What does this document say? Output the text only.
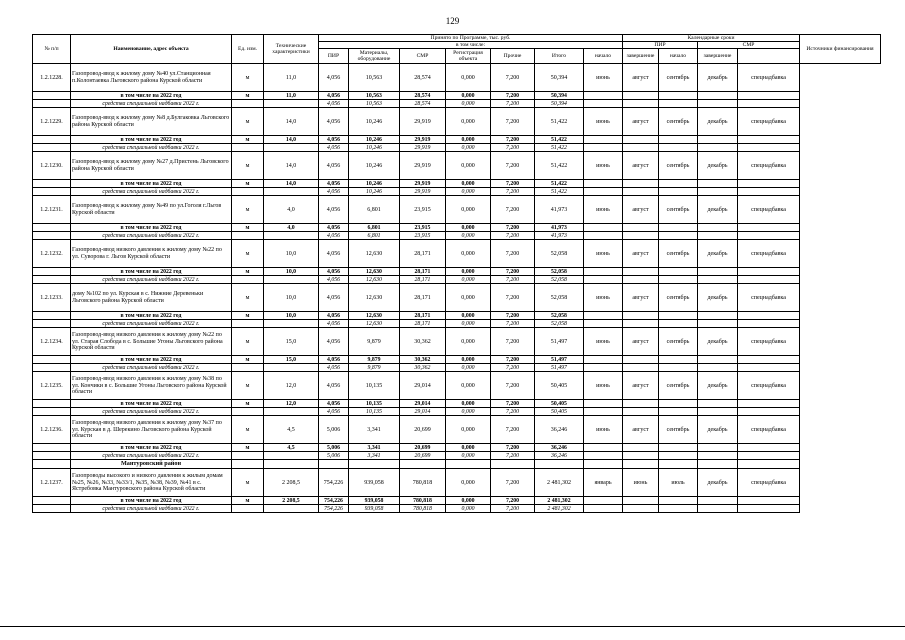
129
№ п/п	Наименование, адрес объекта	Ед. изм.	Технические характеристики	Принято по Программе, тыс. руб.							Календарные сроки				Источники финансирования
				в том числе:							ПИР		СМР		
				ПИР	Материалы, оборудование	СМР	Регистрация объекта	Прочие	Итого	начало	завершение	начало	завершение		
1.2.1228.	Газопровод-ввод к жилому дому №40 ул.Станционная п.Колонтаевка Льговского района Курской области	м	11,0	4,056	10,563	28,574	0,000	7,200	50,394	июнь	август	сентябрь	декабрь	спецнадбавка	
	в том числе на 2022 год	м	11,0	4,056	10,563	28,574	0,000	7,200	50,394						
	средства специальной надбавки 2022 г.			4,056	10,563	28,574	0,000	7,200	50,394						
1.2.1229.	Газопровод-ввод к жилому дому №8 д.Булгаковка Льговского района Курской области	м	14,0	4,056	10,246	29,919	0,000	7,200	51,422	июнь	август	сентябрь	декабрь	спецнадбавка	
	в том числе на 2022 год	м	14,0	4,056	10,246	29,919	0,000	7,200	51,422						
	средства специальной надбавки 2022 г.			4,056	10,246	29,919	0,000	7,200	51,422						
1.2.1230.	Газопровод-ввод к жилому дому №27 д.Пристень Льговского района Курской области	м	14,0	4,056	10,246	29,919	0,000	7,200	51,422	июнь	август	сентябрь	декабрь	спецнадбавка	
	в том числе на 2022 год	м	14,0	4,056	10,246	29,919	0,000	7,200	51,422						
	средства специальной надбавки 2022 г.			4,056	10,246	29,919	0,000	7,200	51,422						
1.2.1231.	Газопровод-ввод к жилому дому №49 по ул.Гоголя г.Льгов Курской области	м	4,0	4,056	6,801	23,915	0,000	7,200	41,973	июнь	август	сентябрь	декабрь	спецнадбавка	
	в том числе на 2022 год	м	4,0	4,056	6,801	23,915	0,000	7,200	41,973						
	средства специальной надбавки 2022 г.			4,056	6,801	23,915	0,000	7,200	41,973						
1.2.1232.	Газопровод-ввод низкого давления к жилому дому №22 по ул. Суворова г. Льгов Курской области	м	10,0	4,056	12,630	28,171	0,000	7,200	52,058	июнь	август	сентябрь	декабрь	спецнадбавка	
	в том числе на 2022 год	м	10,0	4,056	12,630	28,171	0,000	7,200	52,058						
	средства специальной надбавки 2022 г.			4,056	12,630	28,171	0,000	7,200	52,058						
1.2.1233.	дому №102 по ул. Курская в с. Нижние Деревеньки Льговского района Курской области	м	10,0	4,056	12,630	28,171	0,000	7,200	52,058	июнь	август	сентябрь	декабрь	спецнадбавка	
	в том числе на 2022 год	м	10,0	4,056	12,630	28,171	0,000	7,200	52,058						
	средства специальной надбавки 2022 г.			4,056	12,630	28,171	0,000	7,200	52,058						
1.2.1234.	Газопровод-ввод низкого давления к жилому дому №22 по ул. Старая Слобода в с. Большие Угоны Льговского района Курской области	м	15,0	4,056	9,879	30,362	0,000	7,200	51,497	июнь	август	сентябрь	декабрь	спецнадбавка	
	в том числе на 2022 год	м	15,0	4,056	9,879	30,362	0,000	7,200	51,497						
	средства специальной надбавки 2022 г.			4,056	9,879	30,362	0,000	7,200	51,497						
1.2.1235.	Газопровод-ввод низкого давления к жилому дому №38 по ул. Кончики в с. Большие Угоны Льговского района Курской области	м	12,0	4,056	10,135	29,014	0,000	7,200	50,405	июнь	август	сентябрь	декабрь	спецнадбавка	
	в том числе на 2022 год	м	12,0	4,056	10,135	29,014	0,000	7,200	50,405						
	средства специальной надбавки 2022 г.			4,056	10,135	29,014	0,000	7,200	50,405						
1.2.1236.	Газопровод-ввод низкого давления к жилому дому №37 по ул. Курская в д. Шерекино Льговского района Курской области	м	4,5	5,006	3,341	20,699	0,000	7,200	36,246	июнь	август	сентябрь	декабрь	спецнадбавка	
	в том числе на 2022 год	м	4,5	5,006	3,341	20,699	0,000	7,200	36,246						
	средства специальной надбавки 2022 г.			5,006	3,341	20,699	0,000	7,200	36,246						
	Мантуровский район														
1.2.1237.	Газопроводы высокого и низкого давления к жилым домам №25, №26, №33, №33/1, №35, №38, №39, №41 в с. Ястребовка Мантуровского района Курской области	м	2 208,5	754,226	939,058	780,818	0,000	7,200	2 481,302	январь	июнь	июль	декабрь	спецнадбавка	
	в том числе на 2022 год	м	2 208,5	754,226	939,058	780,818	0,000	7,200	2 481,302						
	средства специальной надбавки 2022 г.			754,226	939,058	780,818	0,000	7,200	2 481,302						
